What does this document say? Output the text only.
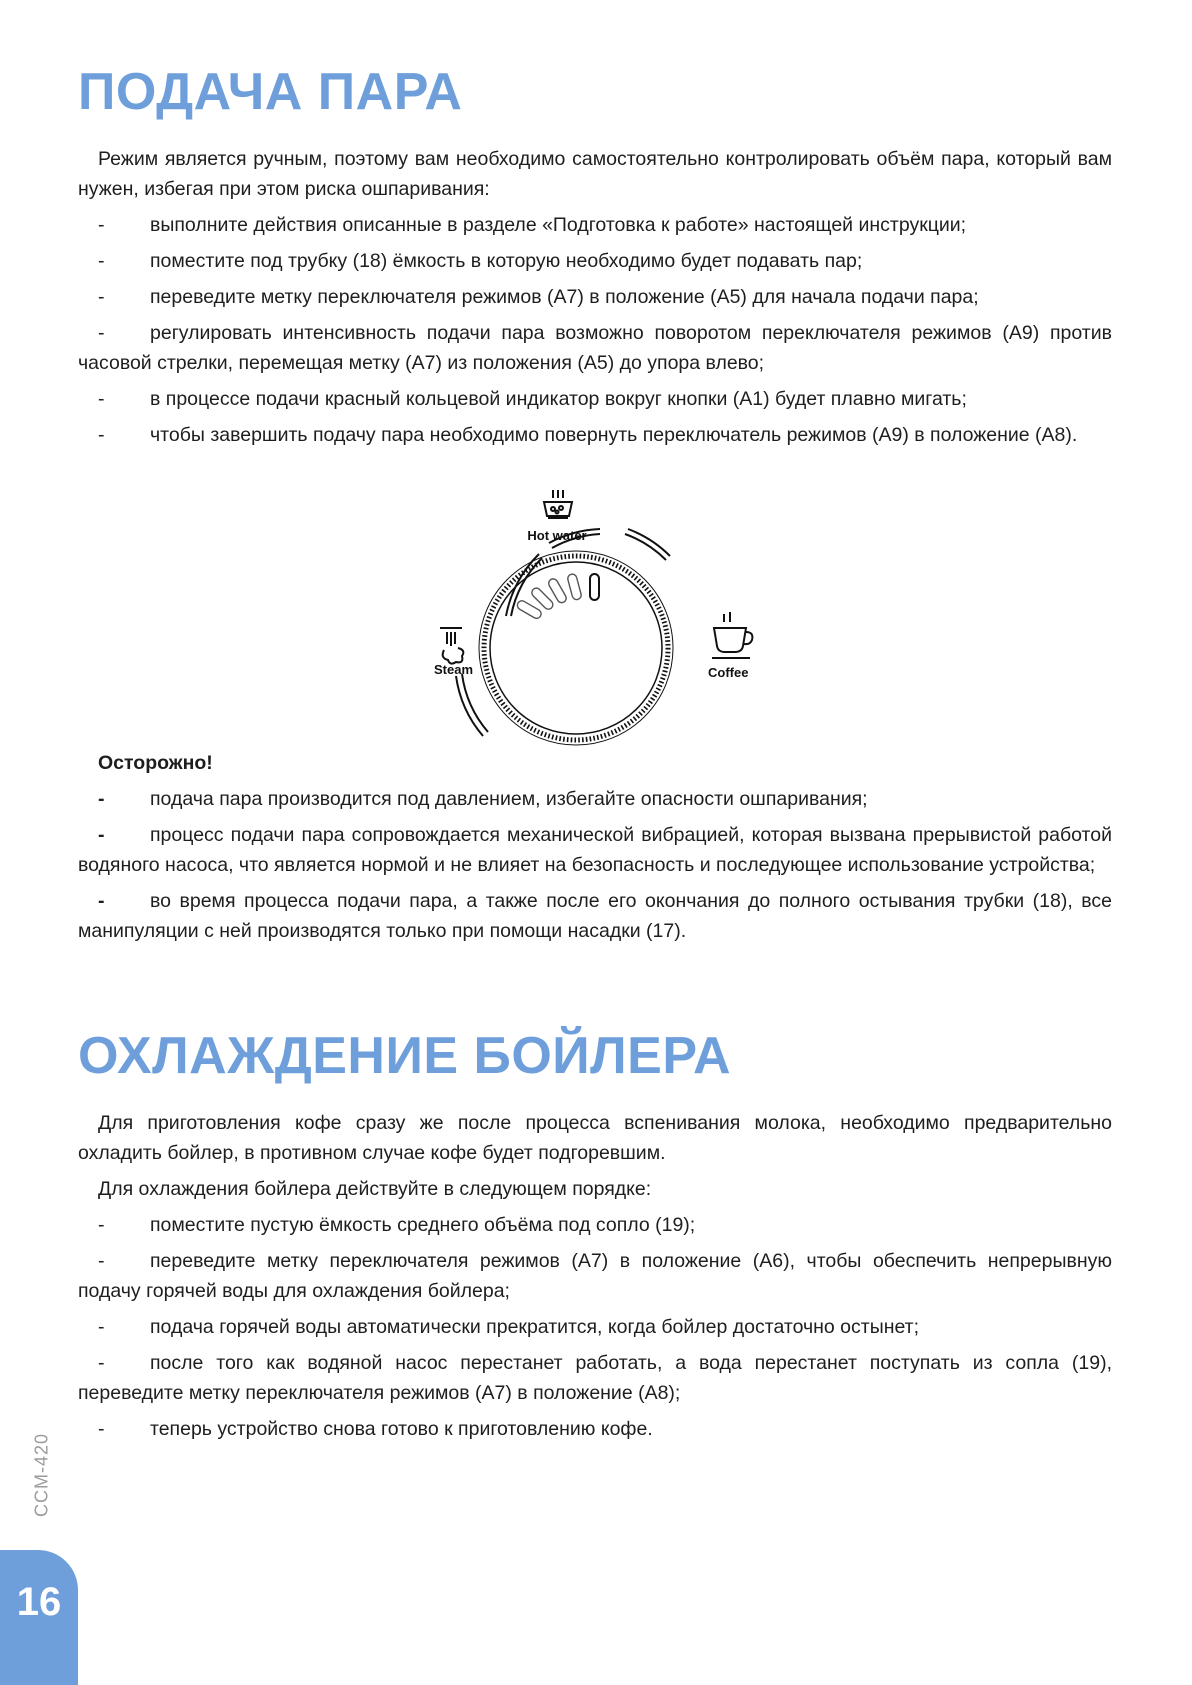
ПОДАЧА ПАРА

Режим является ручным, поэтому вам необходимо самостоятельно контролировать объём пара, который вам нужен, избегая при этом риска ошпаривания:

- выполните действия описанные в разделе «Подготовка к работе» настоящей инструкции;

- поместите под трубку (18) ёмкость в которую необходимо будет подавать пар;

- переведите метку переключателя режимов (А7) в положение (А5) для начала подачи пара;

- регулировать интенсивность подачи пара возможно поворотом переключателя режимов (А9) против часовой стрелки, перемещая метку (А7) из положения (А5) до упора влево;

- в процессе подачи красный кольцевой индикатор вокруг кнопки (А1) будет плавно мигать;

- чтобы завершить подачу пара необходимо повернуть переключатель режимов (А9) в положение (А8).

Hot water
Steam	Coffee

Осторожно!

- подача пара производится под давлением, избегайте опасности ошпаривания;

- процесс подачи пара сопровождается механической вибрацией, которая вызвана прерывистой работой водяного насоса, что является нормой и не влияет на безопасность и последующее использование устройства;

- во время процесса подачи пара, а также после его окончания до полного остывания трубки (18), все манипуляции с ней производятся только при помощи насадки (17).

ОХЛАЖДЕНИЕ БОЙЛЕРА

Для приготовления кофе сразу же после процесса вспенивания молока, необходимо предварительно охладить бойлер, в противном случае кофе будет подгоревшим.

Для охлаждения бойлера действуйте в следующем порядке:

- поместите пустую ёмкость среднего объёма под сопло (19);

- переведите метку переключателя режимов (А7) в положение (А6), чтобы обеспечить непрерывную подачу горячей воды для охлаждения бойлера;

- подача горячей воды автоматически прекратится, когда бойлер достаточно остынет;

- после того как водяной насос перестанет работать, а вода перестанет поступать из сопла (19), переведите метку переключателя режимов (А7) в положение (А8);

- теперь устройство снова готово к приготовлению кофе.

CCM-420
16
